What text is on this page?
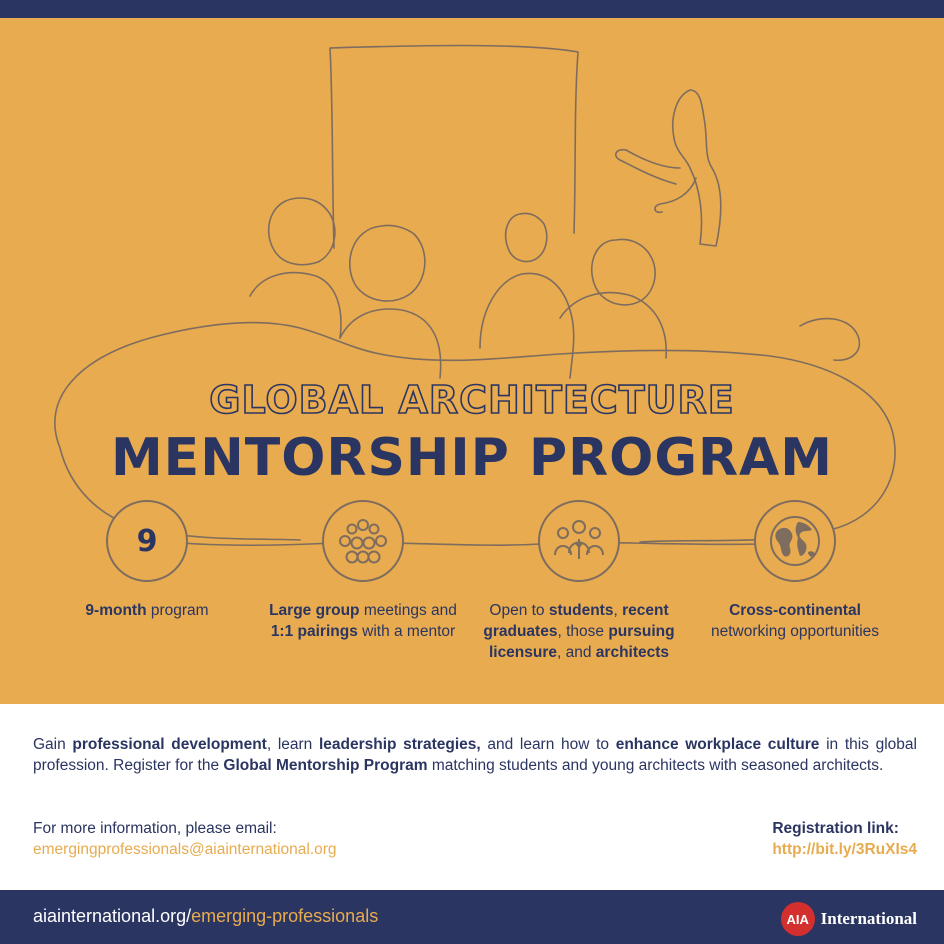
GLOBAL ARCHITECTURE
MENTORSHIP PROGRAM
9
9-month program	Large group meetings and 1:1 pairings with a mentor
Open to students, recent graduates, those pursuing licensure, and architects
Cross-continental networking opportunities
Gain professional development, learn leadership strategies, and learn how to enhance workplace culture in this global profession. Register for the Global Mentorship Program matching students and young architects with seasoned architects.
For more information, please email:
emergingprofessionals@aiainternational.org
Registration link:
http://bit.ly/3RuXIs4
aiainternational.org/emerging-professionals	AIA International
